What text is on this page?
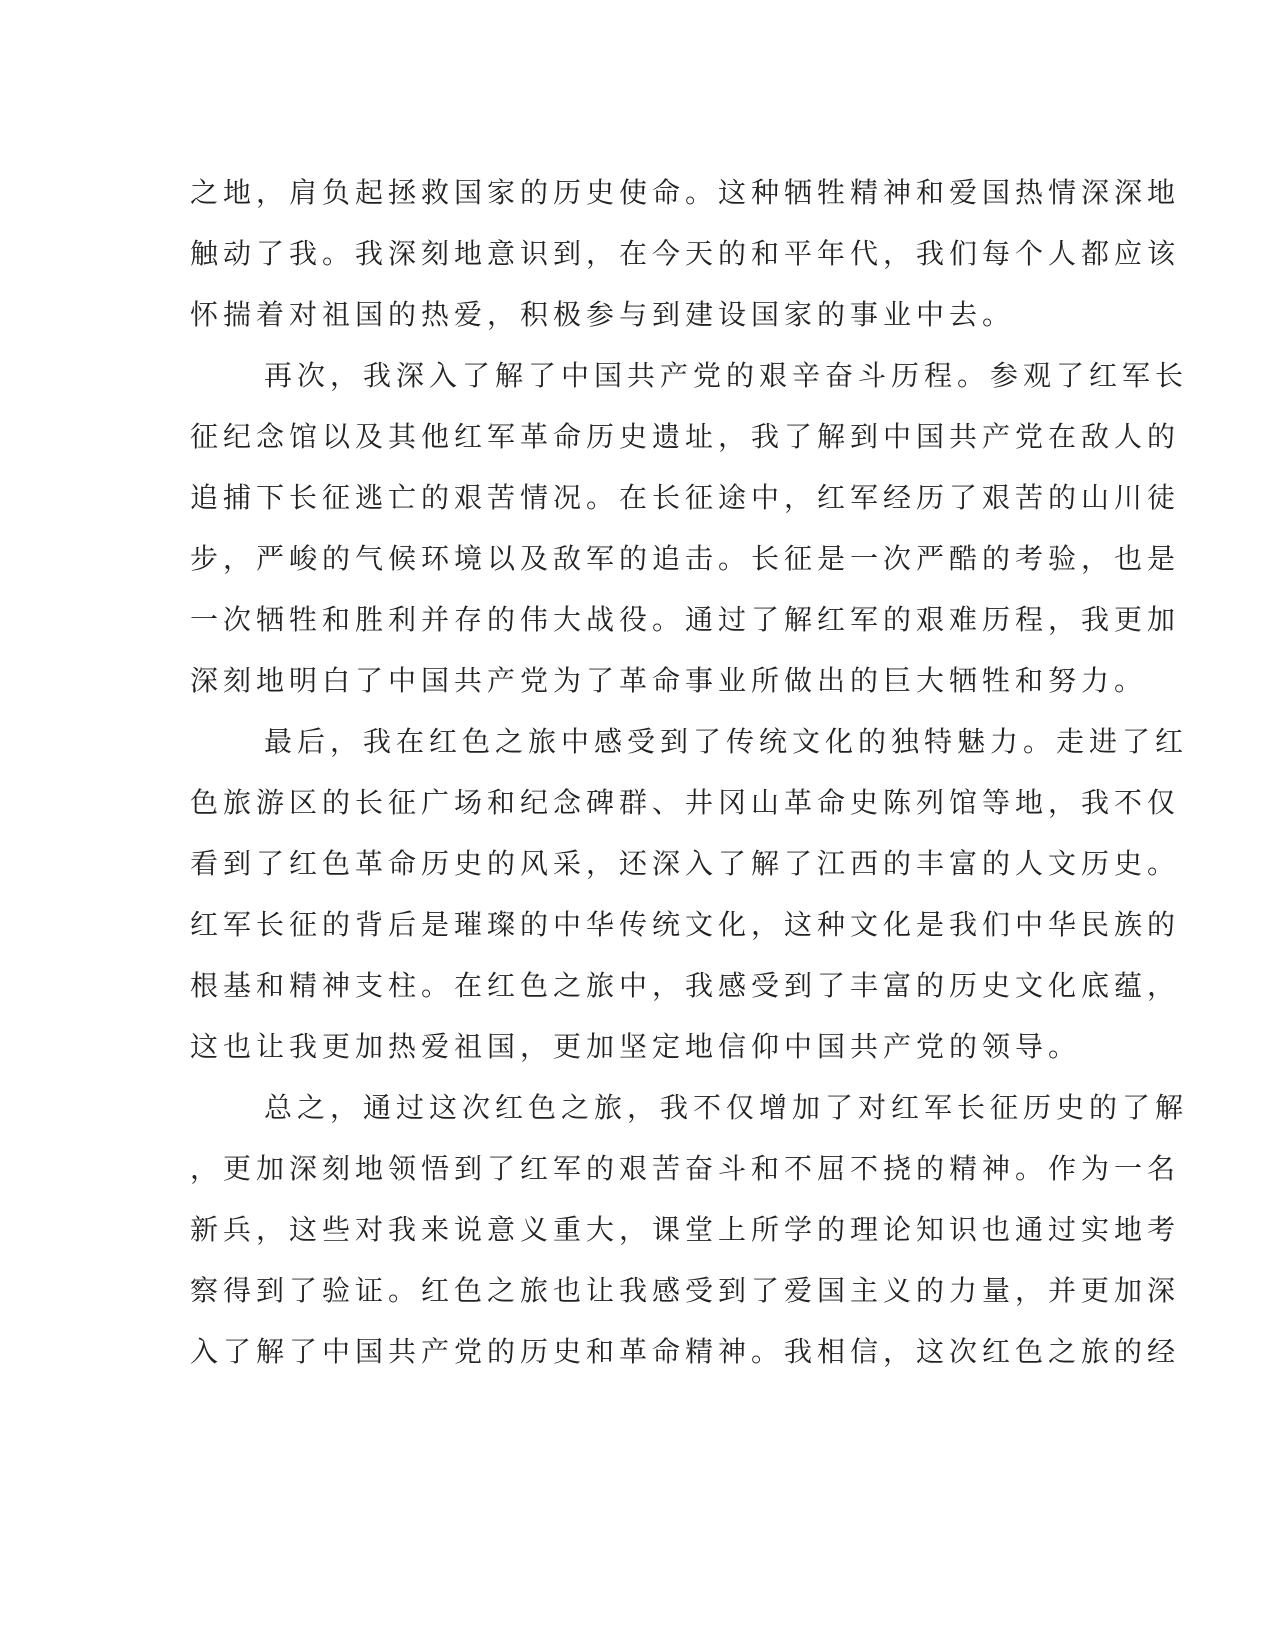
之地，肩负起拯救国家的历史使命。这种牺牲精神和爱国热情深深地
触动了我。我深刻地意识到，在今天的和平年代，我们每个人都应该
怀揣着对祖国的热爱，积极参与到建设国家的事业中去。
再次，我深入了解了中国共产党的艰辛奋斗历程。参观了红军长
征纪念馆以及其他红军革命历史遗址，我了解到中国共产党在敌人的
追捕下长征逃亡的艰苦情况。在长征途中，红军经历了艰苦的山川徒
步，严峻的气候环境以及敌军的追击。长征是一次严酷的考验，也是
一次牺牲和胜利并存的伟大战役。通过了解红军的艰难历程，我更加
深刻地明白了中国共产党为了革命事业所做出的巨大牺牲和努力。
最后，我在红色之旅中感受到了传统文化的独特魅力。走进了红
色旅游区的长征广场和纪念碑群、井冈山革命史陈列馆等地，我不仅
看到了红色革命历史的风采，还深入了解了江西的丰富的人文历史。
红军长征的背后是璀璨的中华传统文化，这种文化是我们中华民族的
根基和精神支柱。在红色之旅中，我感受到了丰富的历史文化底蕴，
这也让我更加热爱祖国，更加坚定地信仰中国共产党的领导。
总之，通过这次红色之旅，我不仅增加了对红军长征历史的了解
，更加深刻地领悟到了红军的艰苦奋斗和不屈不挠的精神。作为一名
新兵，这些对我来说意义重大，课堂上所学的理论知识也通过实地考
察得到了验证。红色之旅也让我感受到了爱国主义的力量，并更加深
入了解了中国共产党的历史和革命精神。我相信，这次红色之旅的经
